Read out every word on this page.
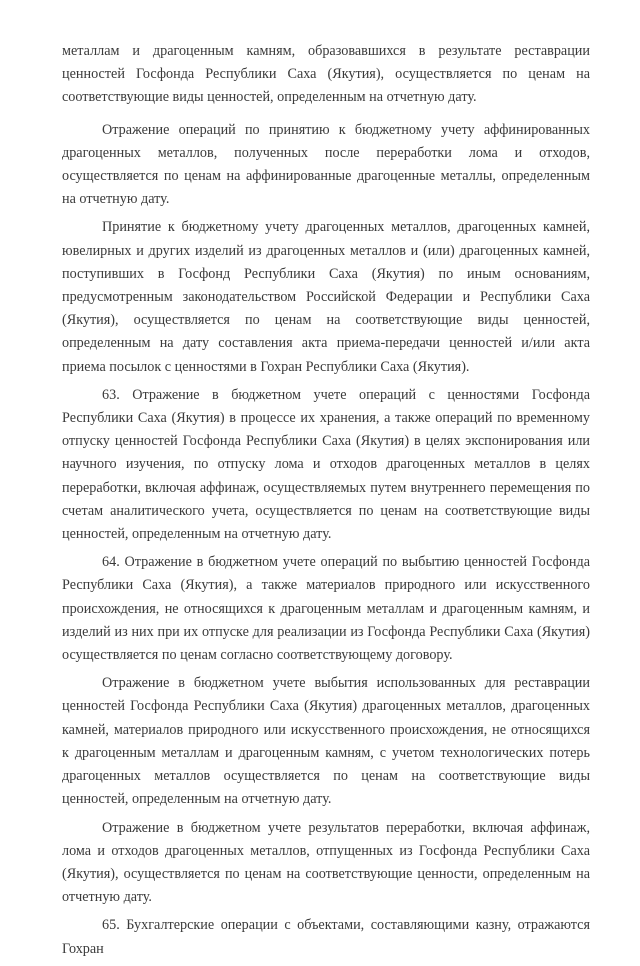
металлам и драгоценным камням, образовавшихся в результате реставрации ценностей Госфонда Республики Саха (Якутия), осуществляется по ценам на соответствующие виды ценностей, определенным на отчетную дату.

Отражение операций по принятию к бюджетному учету аффинированных драгоценных металлов, полученных после переработки лома и отходов, осуществляется по ценам на аффинированные драгоценные металлы, определенным на отчетную дату.

Принятие к бюджетному учету драгоценных металлов, драгоценных камней, ювелирных и других изделий из драгоценных металлов и (или) драгоценных камней, поступивших в Госфонд Республики Саха (Якутия) по иным основаниям, предусмотренным законодательством Российской Федерации и Республики Саха (Якутия), осуществляется по ценам на соответствующие виды ценностей, определенным на дату составления акта приема-передачи ценностей и/или акта приема посылок с ценностями в Гохран Республики Саха (Якутия).

63. Отражение в бюджетном учете операций с ценностями Госфонда Республики Саха (Якутия) в процессе их хранения, а также операций по временному отпуску ценностей Госфонда Республики Саха (Якутия) в целях экспонирования или научного изучения, по отпуску лома и отходов драгоценных металлов в целях переработки, включая аффинаж, осуществляемых путем внутреннего перемещения по счетам аналитического учета, осуществляется по ценам на соответствующие виды ценностей, определенным на отчетную дату.

64. Отражение в бюджетном учете операций по выбытию ценностей Госфонда Республики Саха (Якутия), а также материалов природного или искусственного происхождения, не относящихся к драгоценным металлам и драгоценным камням, и изделий из них при их отпуске для реализации из Госфонда Республики Саха (Якутия) осуществляется по ценам согласно соответствующему договору.

Отражение в бюджетном учете выбытия использованных для реставрации ценностей Госфонда Республики Саха (Якутия) драгоценных металлов, драгоценных камней, материалов природного или искусственного происхождения, не относящихся к драгоценным металлам и драгоценным камням, с учетом технологических потерь драгоценных металлов осуществляется по ценам на соответствующие виды ценностей, определенным на отчетную дату.

Отражение в бюджетном учете результатов переработки, включая аффинаж, лома и отходов драгоценных металлов, отпущенных из Госфонда Республики Саха (Якутия), осуществляется по ценам на соответствующие ценности, определенным на отчетную дату.

65. Бухгалтерские операции с объектами, составляющими казну, отражаются Гохран
